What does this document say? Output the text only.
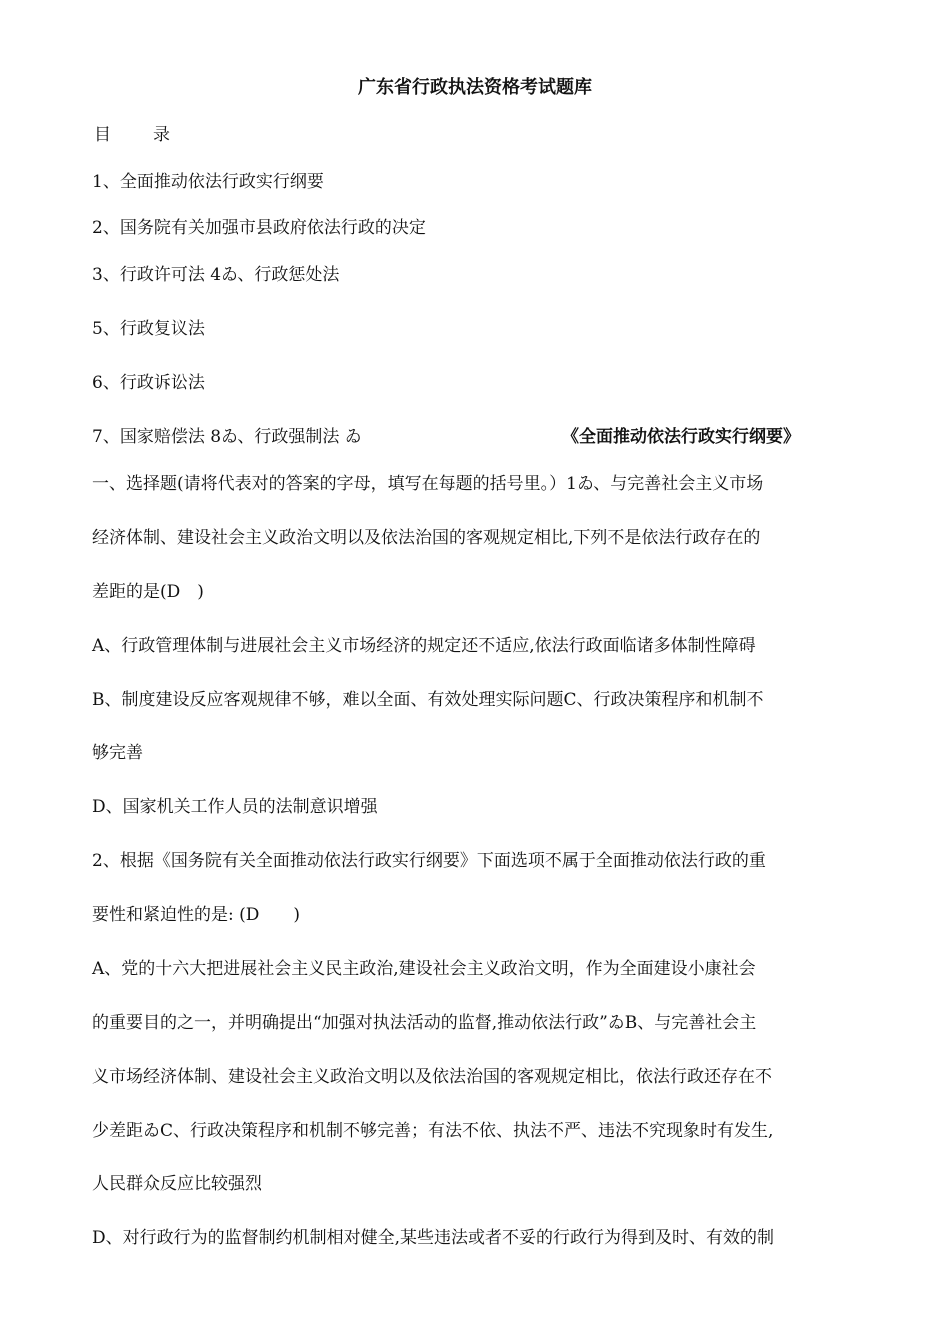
广东省行政执法资格考试题库
目 录
1、全面推动依法行政实行纲要
2、国务院有关加强市县政府依法行政的决定
3、行政许可法 4ゐ、行政惩处法
5、行政复议法
6、行政诉讼法
7、国家赔偿法 8ゐ、行政强制法 ゐ	《全面推动依法行政实行纲要》
一、选择题(请将代表对的答案的字母，填写在每题的括号里。）1ゐ、与完善社会主义市场
经济体制、建设社会主义政治文明以及依法治国的客观规定相比,下列不是依法行政存在的
差距的是(D　)
A、行政管理体制与进展社会主义市场经济的规定还不适应,依法行政面临诸多体制性障碍
B、制度建设反应客观规律不够，难以全面、有效处理实际问题C、行政决策程序和机制不
够完善
D、国家机关工作人员的法制意识增强
2、根据《国务院有关全面推动依法行政实行纲要》下面选项不属于全面推动依法行政的重
要性和紧迫性的是: (D　　)
A、党的十六大把进展社会主义民主政治,建设社会主义政治文明，作为全面建设小康社会
的重要目的之一，并明确提出“加强对执法活动的监督,推动依法行政”ゐB、与完善社会主
义市场经济体制、建设社会主义政治文明以及依法治国的客观规定相比，依法行政还存在不
少差距ゐC、行政决策程序和机制不够完善；有法不依、执法不严、违法不究现象时有发生,
人民群众反应比较强烈
D、对行政行为的监督制约机制相对健全,某些违法或者不妥的行政行为得到及时、有效的制
